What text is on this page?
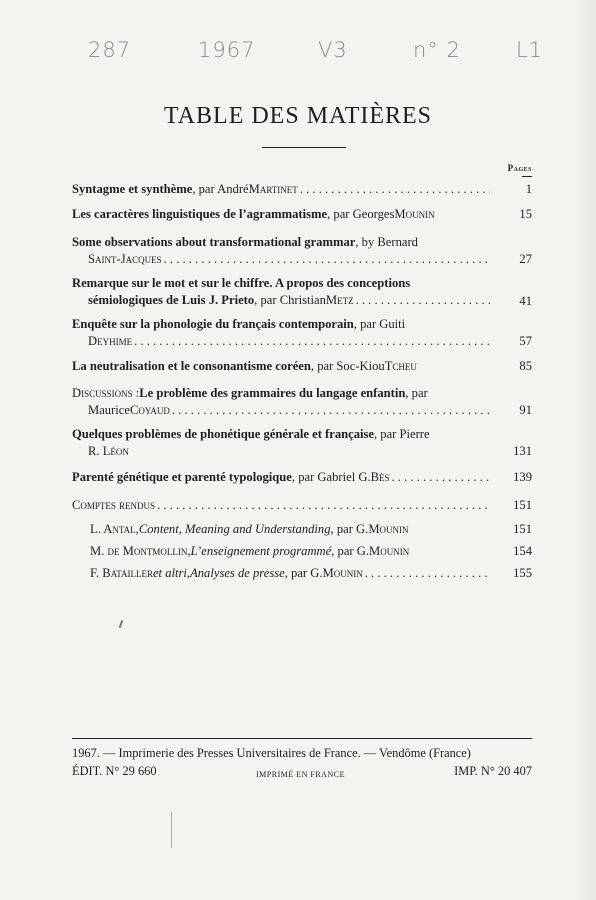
287	1967	V3	n° 2	L1
TABLE DES MATIÈRES
Pages
Syntagme et synthème , par André Martinet . . .	1
Les caractères linguistiques de l’agrammatisme , par Georges Mounin	15
Some observations about transformational grammar , by Bernard
Saint-Jacques . . .	27
Remarque sur le mot et sur le chiffre. A propos des conceptions
sémiologiques de Luis J. Prieto , par Christian Metz . . .	41
Enquête sur la phonologie du français contemporain , par Guiti
Deyhime . . .	57
La neutralisation et le consonantisme coréen , par Soc-Kiou Tcheu	85
Discussions : Le problème des grammaires du langage enfantin , par
Maurice Coyaud . . .	91
Quelques problèmes de phonétique générale et française , par Pierre
R. Léon	131
Parenté génétique et parenté typologique , par Gabriel G. Bès . . .	139
Comptes rendus . . .	151
L. Antal , Content, Meaning and Understanding , par G. Mounin	151
M. de Montmollin , L’enseignement programmé , par G. Mounin	154
F. Batailler et altri , Analyses de presse , par G. Mounin . . .	155
1967. — Imprimerie des Presses Universitaires de France. — Vendôme (France)
ÉDIT. N° 29 660	IMPRIMÉ EN FRANCE	IMP. N° 20 407
